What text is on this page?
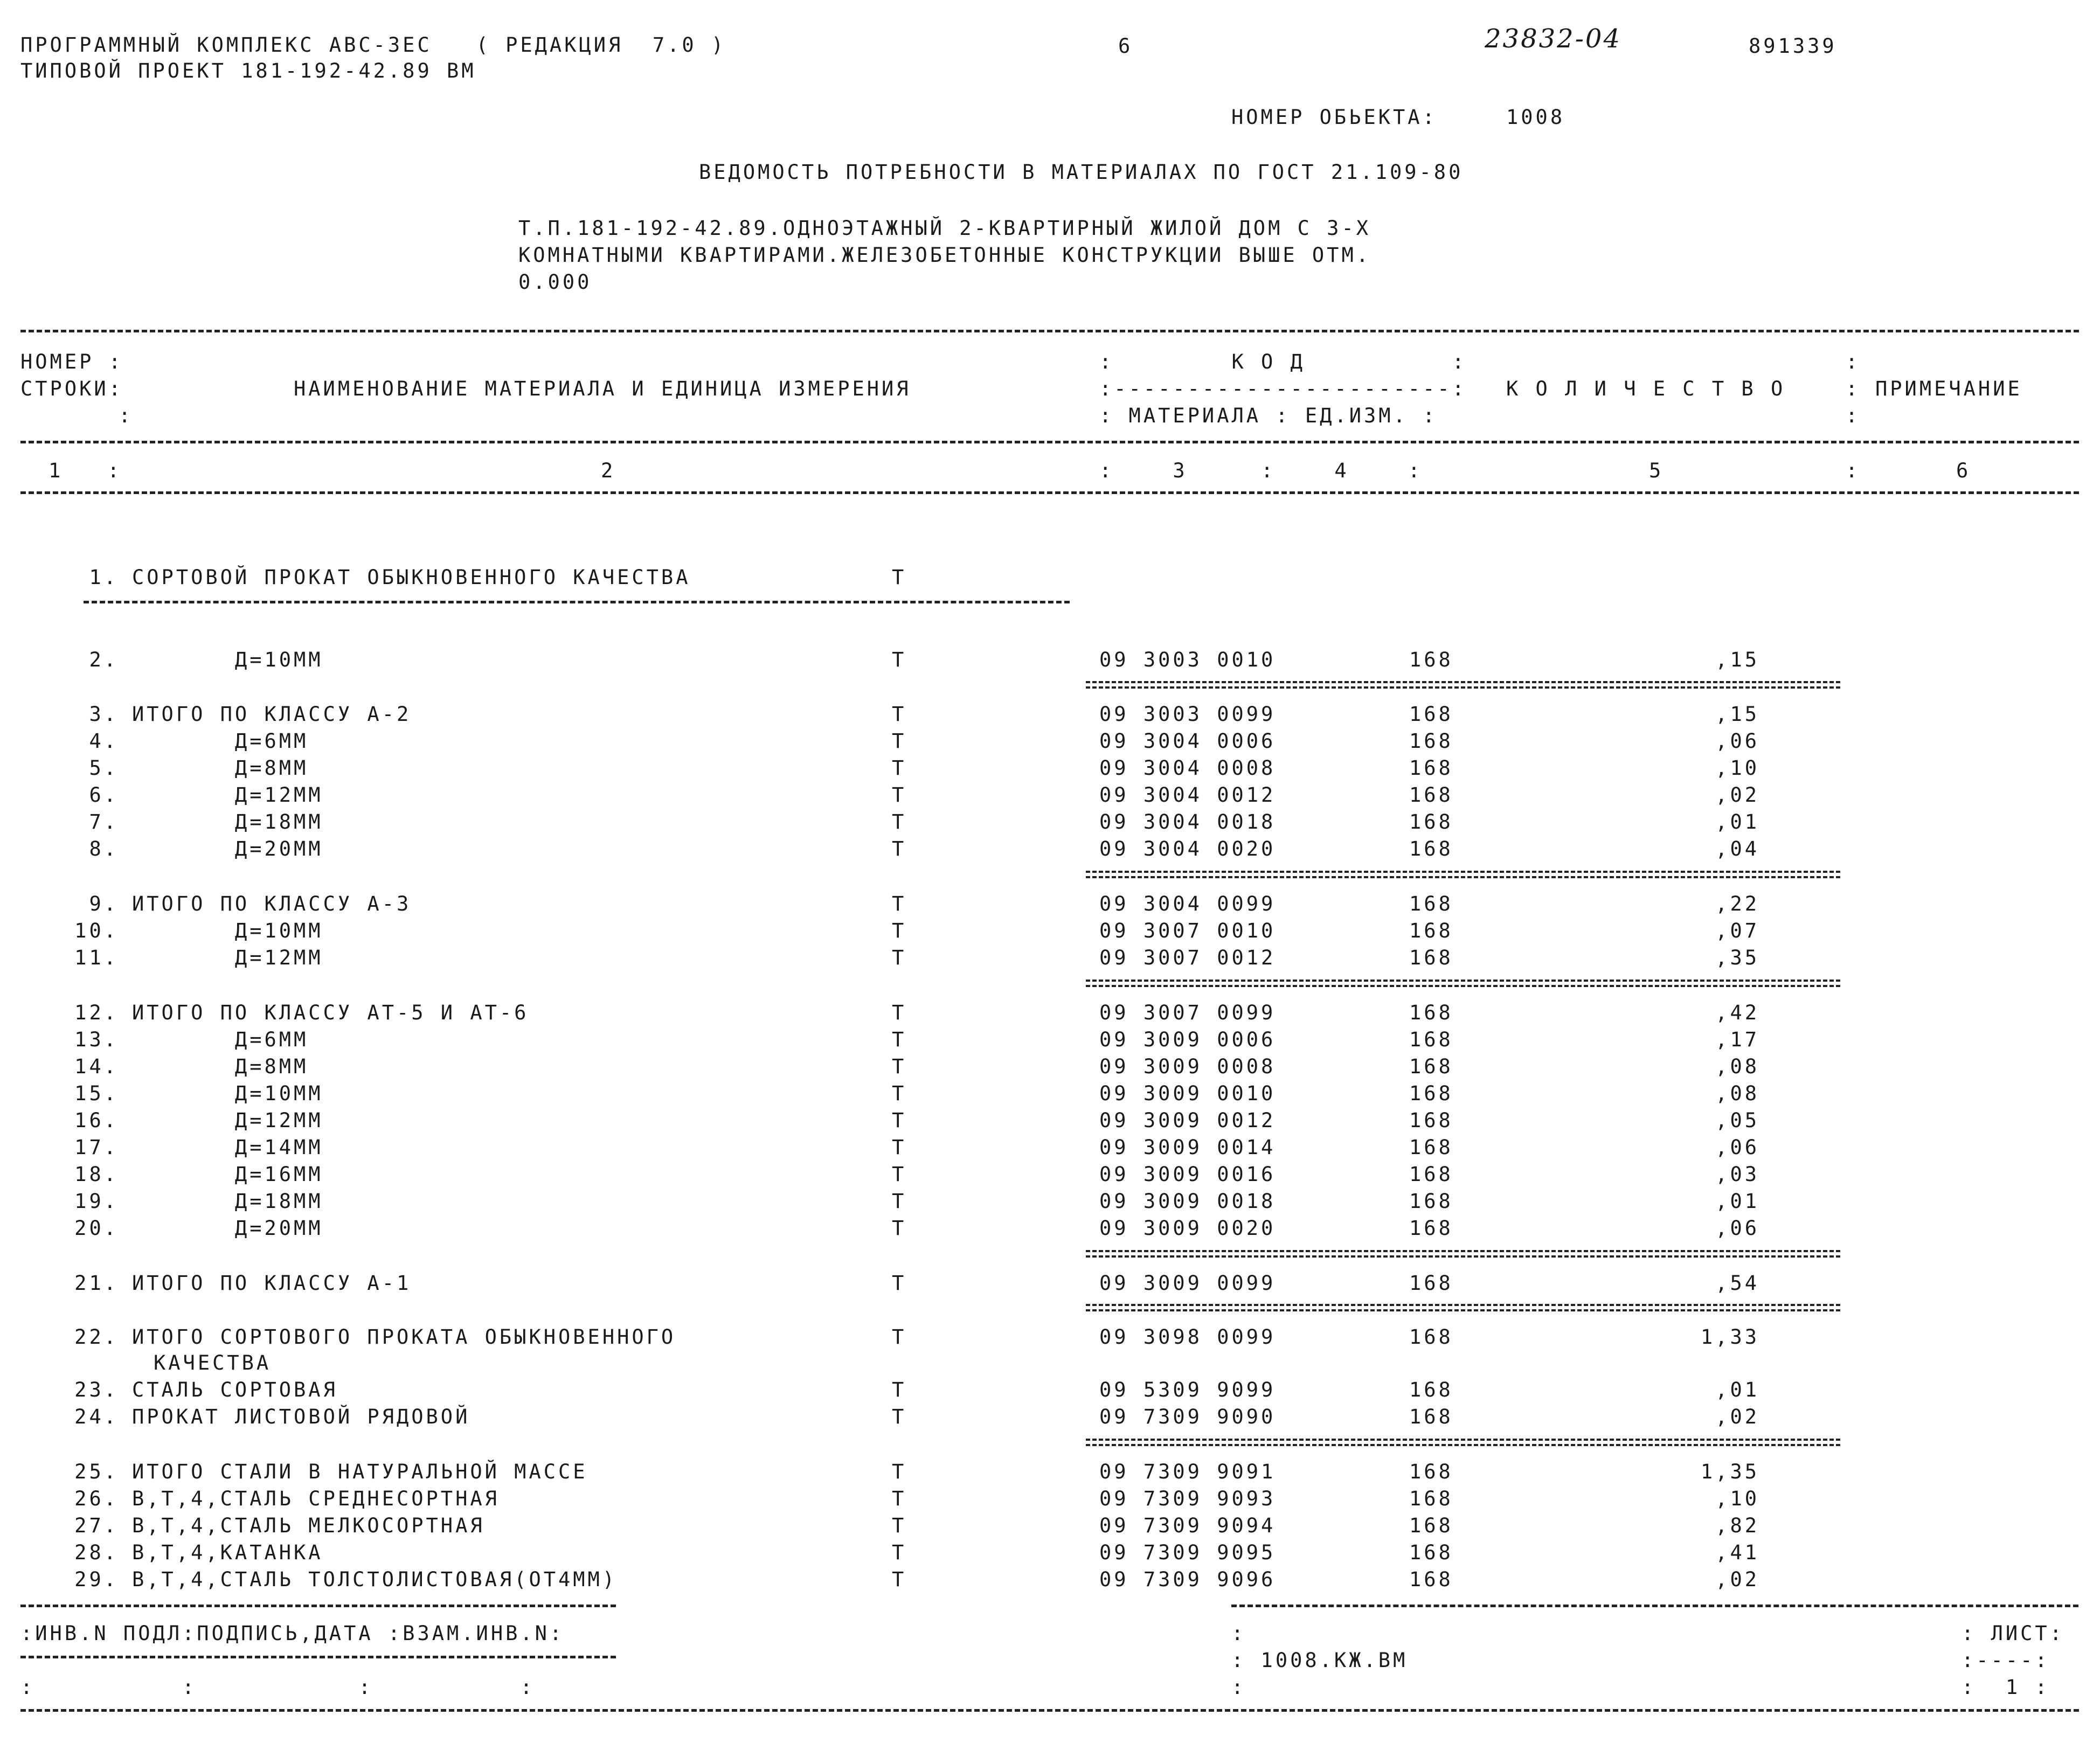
ПРОГРАММНЫЙ КОМПЛЕКС АВС-ЗЕС   ( РЕДАКЦИЯ  7.0 )
ТИПОВОЙ ПРОЕКТ 181-192-42.89 ВМ
6	23832-04	891339
НОМЕР ОБЬЕКТА:	1008
ВЕДОМОСТЬ ПОТРЕБНОСТИ В МАТЕРИАЛАХ ПО ГОСТ 21.109-80
Т.П.181-192-42.89.ОДНОЭТАЖНЫЙ 2-КВАРТИРНЫЙ ЖИЛОЙ ДОМ С 3-Х
КОМНАТНЫМИ КВАРТИРАМИ.ЖЕЛЕЗОБЕТОННЫЕ КОНСТРУКЦИИ ВЫШЕ ОТМ.
0.000
НОМЕР :
СТРОКИ:
:
НАИМЕНОВАНИЕ МАТЕРИАЛА И ЕДИНИЦА ИЗМЕРЕНИЯ
:        К О Д          :
:-----------------------:
: МАТЕРИАЛА : ЕД.ИЗМ. :
К О Л И Ч Е С Т В О
:
:
:
ПРИМЕЧАНИЕ
1   :	2	:    3     :    4    :	5	:	6
1. СОРТОВОЙ ПРОКАТ ОБЫКНОВЕННОГО КАЧЕСТВА	Т
2. Д=10ММ	Т	09 3003 0010	168	,15
3. ИТОГО ПО КЛАССУ А-2	Т	09 3003 0099	168	,15
4. Д=6ММ	Т	09 3004 0006	168	,06
5. Д=8ММ	Т	09 3004 0008	168	,10
6. Д=12ММ	Т	09 3004 0012	168	,02
7. Д=18ММ	Т	09 3004 0018	168	,01
8. Д=20ММ	Т	09 3004 0020	168	,04
9. ИТОГО ПО КЛАССУ А-3	Т	09 3004 0099	168	,22
10. Д=10ММ	Т	09 3007 0010	168	,07
11. Д=12ММ	Т	09 3007 0012	168	,35
12. ИТОГО ПО КЛАССУ АТ-5 И АТ-6	Т	09 3007 0099	168	,42
13. Д=6ММ	Т	09 3009 0006	168	,17
14. Д=8ММ	Т	09 3009 0008	168	,08
15. Д=10ММ	Т	09 3009 0010	168	,08
16. Д=12ММ	Т	09 3009 0012	168	,05
17. Д=14ММ	Т	09 3009 0014	168	,06
18. Д=16ММ	Т	09 3009 0016	168	,03
19. Д=18ММ	Т	09 3009 0018	168	,01
20. Д=20ММ	Т	09 3009 0020	168	,06
21. ИТОГО ПО КЛАССУ А-1	Т	09 3009 0099	168	,54
22. ИТОГО СОРТОВОГО ПРОКАТА ОБЫКНОВЕННОГО	Т	09 3098 0099	168	1,33
КАЧЕСТВА
23. СТАЛЬ СОРТОВАЯ	Т	09 5309 9099	168	,01
24. ПРОКАТ ЛИСТОВОЙ РЯДОВОЙ	Т	09 7309 9090	168	,02
25. ИТОГО СТАЛИ В НАТУРАЛЬНОЙ МАССЕ	Т	09 7309 9091	168	1,35
26. В,Т,4,СТАЛЬ СРЕДНЕСОРТНАЯ	Т	09 7309 9093	168	,10
27. В,Т,4,СТАЛЬ МЕЛКОСОРТНАЯ	Т	09 7309 9094	168	,82
28. В,Т,4,КАТАНКА	Т	09 7309 9095	168	,41
29. В,Т,4,СТАЛЬ ТОЛСТОЛИСТОВАЯ(ОТ4ММ)	Т	09 7309 9096	168	,02
:ИНВ.N ПОДЛ:ПОДПИСЬ,ДАТА :ВЗАМ.ИНВ.N:	:	: ЛИСТ:
: 1008.КЖ.ВМ	:----:
:          :           :          :	:	:  1 :
